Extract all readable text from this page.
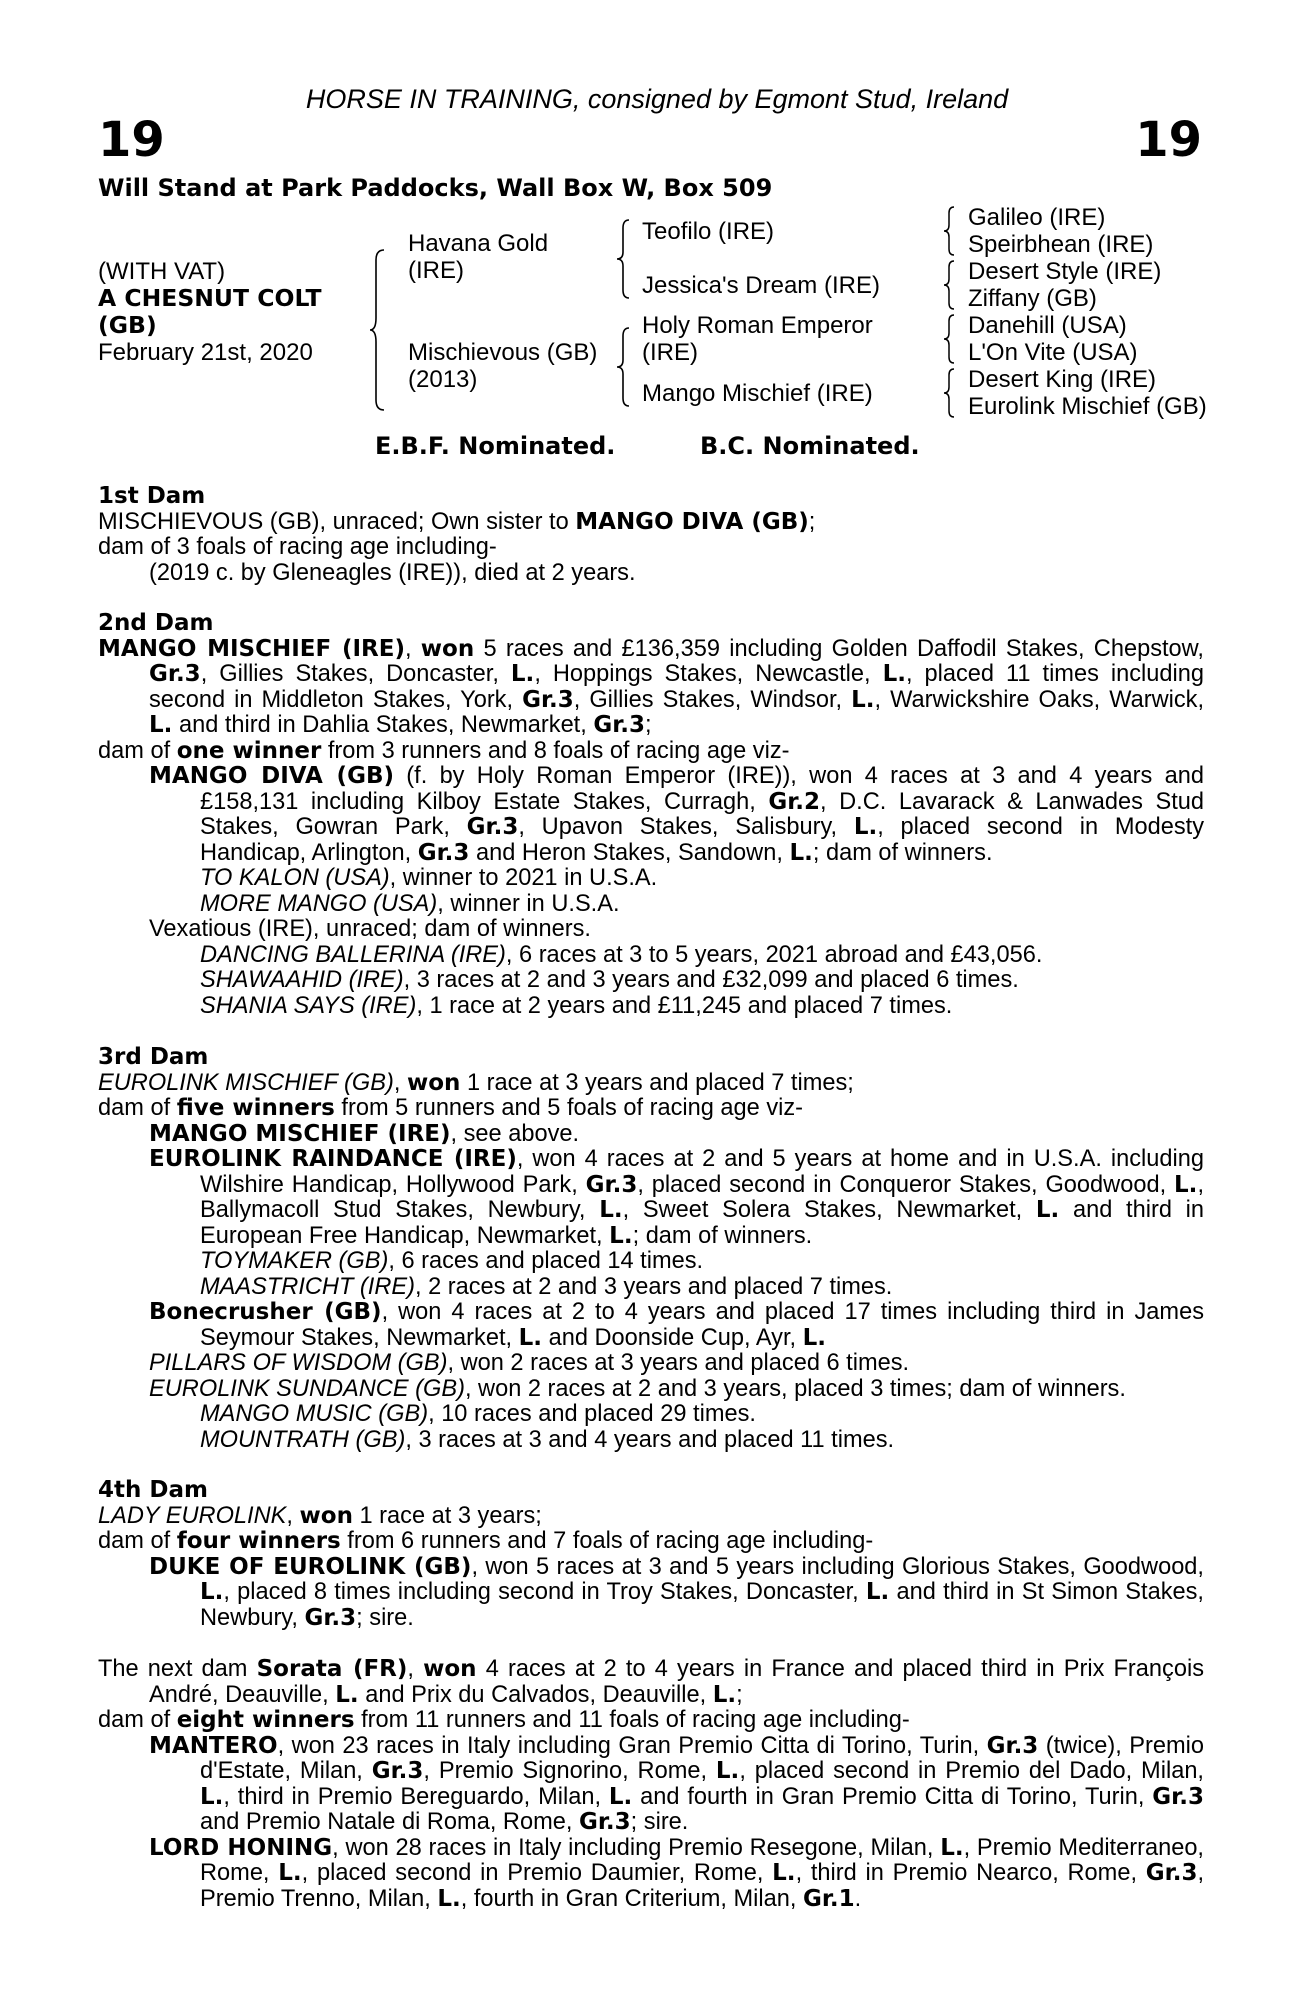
HORSE IN TRAINING, consigned by Egmont Stud, Ireland
19	19
Will Stand at Park Paddocks, Wall Box W, Box 509
(WITH VAT)
A CHESNUT COLT
(GB)
February 21st, 2020
Havana Gold
(IRE)
Mischievous (GB)
(2013)
Teofilo (IRE)
Jessica's Dream (IRE)
Holy Roman Emperor
(IRE)
Mango Mischief (IRE)
Galileo (IRE)
Speirbhean (IRE)
Desert Style (IRE)
Ziffany (GB)
Danehill (USA)
L'On Vite (USA)
Desert King (IRE)
Eurolink Mischief (GB)
E.B.F. Nominated.	B.C. Nominated.

1st Dam

MISCHIEVOUS (GB), unraced; Own sister to MANGO DIVA (GB);

dam of 3 foals of racing age including-

(2019 c. by Gleneagles (IRE)), died at 2 years.

2nd Dam

MANGO MISCHIEF (IRE), won 5 races and £136,359 including Golden Daffodil Stakes, Chepstow, Gr.3, Gillies Stakes, Doncaster, L., Hoppings Stakes, Newcastle, L., placed 11 times including second in Middleton Stakes, York, Gr.3, Gillies Stakes, Windsor, L., Warwickshire Oaks, Warwick, L. and third in Dahlia Stakes, Newmarket, Gr.3;

dam of one winner from 3 runners and 8 foals of racing age viz-

MANGO DIVA (GB) (f. by Holy Roman Emperor (IRE)), won 4 races at 3 and 4 years and £158,131 including Kilboy Estate Stakes, Curragh, Gr.2, D.C. Lavarack & Lanwades Stud Stakes, Gowran Park, Gr.3, Upavon Stakes, Salisbury, L., placed second in Modesty Handicap, Arlington, Gr.3 and Heron Stakes, Sandown, L.; dam of winners.

TO KALON (USA), winner to 2021 in U.S.A.

MORE MANGO (USA), winner in U.S.A.

Vexatious (IRE), unraced; dam of winners.

DANCING BALLERINA (IRE), 6 races at 3 to 5 years, 2021 abroad and £43,056.

SHAWAAHID (IRE), 3 races at 2 and 3 years and £32,099 and placed 6 times.

SHANIA SAYS (IRE), 1 race at 2 years and £11,245 and placed 7 times.

3rd Dam

EUROLINK MISCHIEF (GB), won 1 race at 3 years and placed 7 times;

dam of five winners from 5 runners and 5 foals of racing age viz-

MANGO MISCHIEF (IRE), see above.

EUROLINK RAINDANCE (IRE), won 4 races at 2 and 5 years at home and in U.S.A. including Wilshire Handicap, Hollywood Park, Gr.3, placed second in Conqueror Stakes, Goodwood, L., Ballymacoll Stud Stakes, Newbury, L., Sweet Solera Stakes, Newmarket, L. and third in European Free Handicap, Newmarket, L.; dam of winners.

TOYMAKER (GB), 6 races and placed 14 times.

MAASTRICHT (IRE), 2 races at 2 and 3 years and placed 7 times.

Bonecrusher (GB), won 4 races at 2 to 4 years and placed 17 times including third in James Seymour Stakes, Newmarket, L. and Doonside Cup, Ayr, L.

PILLARS OF WISDOM (GB), won 2 races at 3 years and placed 6 times.

EUROLINK SUNDANCE (GB), won 2 races at 2 and 3 years, placed 3 times; dam of winners.

MANGO MUSIC (GB), 10 races and placed 29 times.

MOUNTRATH (GB), 3 races at 3 and 4 years and placed 11 times.

4th Dam

LADY EUROLINK, won 1 race at 3 years;

dam of four winners from 6 runners and 7 foals of racing age including-

DUKE OF EUROLINK (GB), won 5 races at 3 and 5 years including Glorious Stakes, Goodwood, L., placed 8 times including second in Troy Stakes, Doncaster, L. and third in St Simon Stakes, Newbury, Gr.3; sire.

The next dam Sorata (FR), won 4 races at 2 to 4 years in France and placed third in Prix François André, Deauville, L. and Prix du Calvados, Deauville, L.;

dam of eight winners from 11 runners and 11 foals of racing age including-

MANTERO, won 23 races in Italy including Gran Premio Citta di Torino, Turin, Gr.3 (twice), Premio d'Estate, Milan, Gr.3, Premio Signorino, Rome, L., placed second in Premio del Dado, Milan, L., third in Premio Bereguardo, Milan, L. and fourth in Gran Premio Citta di Torino, Turin, Gr.3 and Premio Natale di Roma, Rome, Gr.3; sire.

LORD HONING, won 28 races in Italy including Premio Resegone, Milan, L., Premio Mediterraneo, Rome, L., placed second in Premio Daumier, Rome, L., third in Premio Nearco, Rome, Gr.3, Premio Trenno, Milan, L., fourth in Gran Criterium, Milan, Gr.1.
